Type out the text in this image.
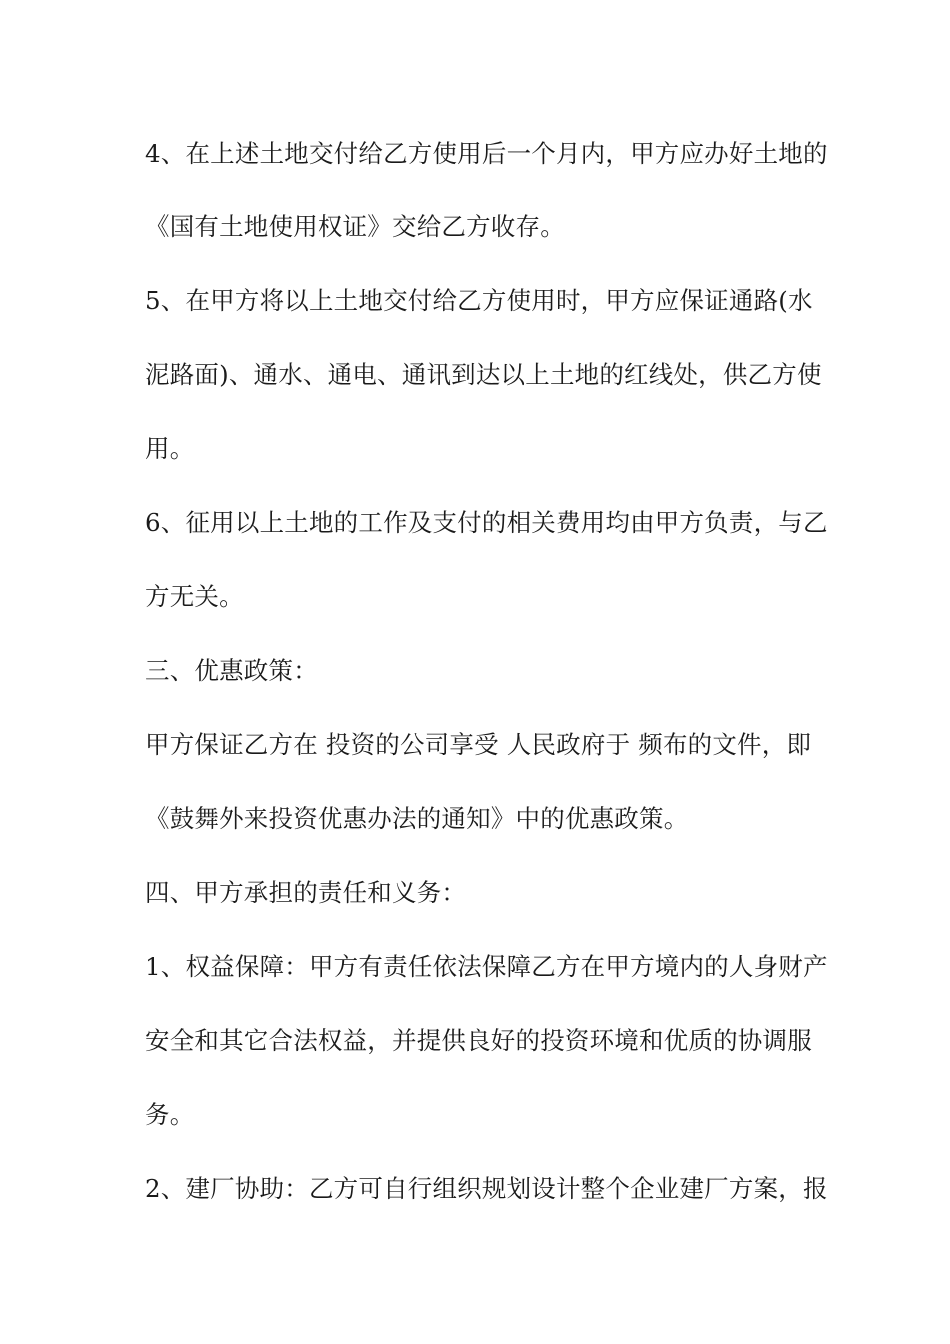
4、在上述土地交付给乙方使用后一个月内，甲方应办好土地的
《国有土地使用权证》交给乙方收存。
5、在甲方将以上土地交付给乙方使用时，甲方应保证通路(水
泥路面)、通水、通电、通讯到达以上土地的红线处，供乙方使
用。
6、征用以上土地的工作及支付的相关费用均由甲方负责，与乙
方无关。
三、优惠政策：
甲方保证乙方在 投资的公司享受 人民政府于 频布的文件，即
《鼓舞外来投资优惠办法的通知》中的优惠政策。
四、甲方承担的责任和义务：
1、权益保障：甲方有责任依法保障乙方在甲方境内的人身财产
安全和其它合法权益，并提供良好的投资环境和优质的协调服
务。
2、建厂协助：乙方可自行组织规划设计整个企业建厂方案，报
